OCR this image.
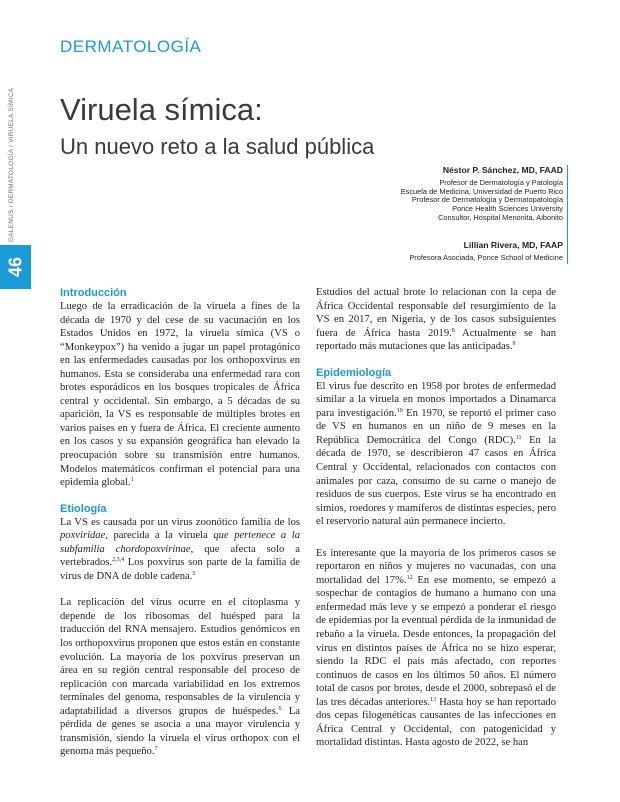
DERMATOLOGÍA
46
GALENUS / DERMATOLOGÍA / VIRUELA SÍMICA Viruela símica:
Un nuevo reto a la salud pública
Néstor P. Sánchez, MD, FAAD
Profesor de Dermatología y Patología
Escuela de Medicina, Universidad de Puerto Rico
Profesor de Dermatología y Dermatopatología
Ponce Health Sciences University
Consultor, Hospital Menonita, Aibonito
Lillian Rivera, MD, FAAP
Profesora Asociada, Ponce School of Medicine
Introducción

Luego de la erradicación de la viruela a fines de la década de 1970 y del cese de su vacunación en los Estados Unidos en 1972, la viruela símica (VS o “Monkeypox”) ha venido a jugar un papel protagónico en las enfermedades causadas por los orthopoxvirus en humanos. Esta se consideraba una enfermedad rara con brotes esporádicos en los bosques tropicales de África central y occidental. Sin embargo, a 5 décadas de su aparición, la VS es responsable de múltiples brotes en varios países en y fuera de África. El creciente aumento en los casos y su expansión geográfica han elevado la preocupación sobre su transmisión entre humanos. Modelos matemáticos confirman el potencial para una epidemia global.$^1$

Etiología

La VS es causada por un virus zoonótico familia de los poxviridae, parecida a la viruela que pertenece a la subfamilia chordopoxvirinae, que afecta solo a vertebrados.$^{2,3,4}$ Los poxvirus son parte de la familia de virus de DNA de doble cadena.$^5$

La replicación del virus ocurre en el citoplasma y depende de los ribosomas del huésped para la traducción del RNA mensajero. Estudios genómicos en los orthopoxvirus proponen que estos están en constante evolución. La mayoría de los poxvirus preservan un área en su región central responsable del proceso de replicación con marcada variabilidad en los extremos terminales del genoma, responsables de la virulencia y adaptabilidad a diversos grupos de huéspedes.$^6$ La pérdida de genes se asocia a una mayor virulencia y transmisión, siendo la viruela el virus orthopox con el genoma más pequeño.$^7$

Estudios del actual brote lo relacionan con la cepa de África Occidental responsable del resurgimiento de la VS en 2017, en Nigeria, y de los casos subsiguientes fuera de África hasta 2019.$^8$ Actualmente se han reportado más mutaciones que las anticipadas.$^9$

Epidemiología

El virus fue descrito en 1958 por brotes de enfermedad similar a la viruela en monos importados a Dinamarca para investigación.$^{10}$ En 1970, se reportó el primer caso de VS en humanos en un niño de 9 meses en la República Democrática del Congo (RDC).$^{11}$ En la década de 1970, se describieron 47 casos en África Central y Occidental, relacionados con contactos con animales por caza, consumo de su carne o manejo de residuos de sus cuerpos. Este virus se ha encontrado en simios, roedores y mamíferos de distintas especies, pero el reservorio natural aún permanece incierto.

Es interesante que la mayoría de los primeros casos se reportaron en niños y mujeres no vacunadas, con una mortalidad del 17%.$^{12}$ En ese momento, se empezó a sospechar de contagios de humano a humano con una enfermedad más leve y se empezó a ponderar el riesgo de epidemias por la eventual pérdida de la inmunidad de rebaño a la viruela. Desde entonces, la propagación del virus en distintos países de África no se hizo esperar, siendo la RDC el país más afectado, con reportes continuos de casos en los últimos 50 años. El número total de casos por brotes, desde el 2000, sobrepasó el de las tres décadas anteriores.$^{13}$ Hasta hoy se han reportado dos cepas filogenéticas causantes de las infecciones en África Central y Occidental, con patogenicidad y mortalidad distintas. Hasta agosto de 2022, se han
